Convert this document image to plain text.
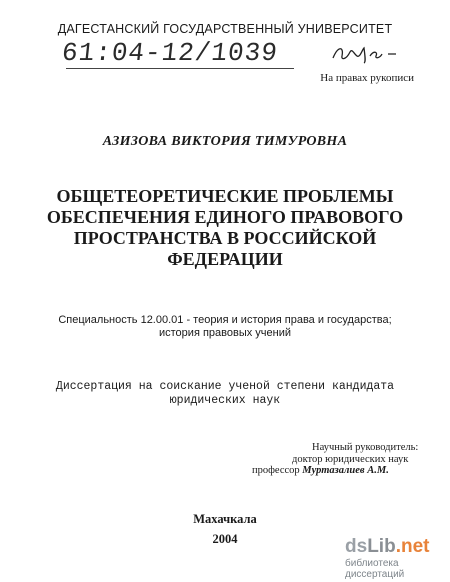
ДАГЕСТАНСКИЙ ГОСУДАРСТВЕННЫЙ УНИВЕРСИТЕТ
61:04-12/1039
На правах рукописи
АЗИЗОВА ВИКТОРИЯ ТИМУРОВНА
ОБЩЕТЕОРЕТИЧЕСКИЕ ПРОБЛЕМЫ
ОБЕСПЕЧЕНИЯ ЕДИНОГО ПРАВОВОГО
ПРОСТРАНСТВА В РОССИЙСКОЙ
ФЕДЕРАЦИИ
Специальность 12.00.01 - теория и история права и государства;
история правовых учений
Диссертация на соискание ученой степени кандидата
юридических наук
Научный руководитель:
доктор юридических наук
профессор Муртазалиев А.М.
Махачкала
2004	dsLib.net
библиотека диссертаций
